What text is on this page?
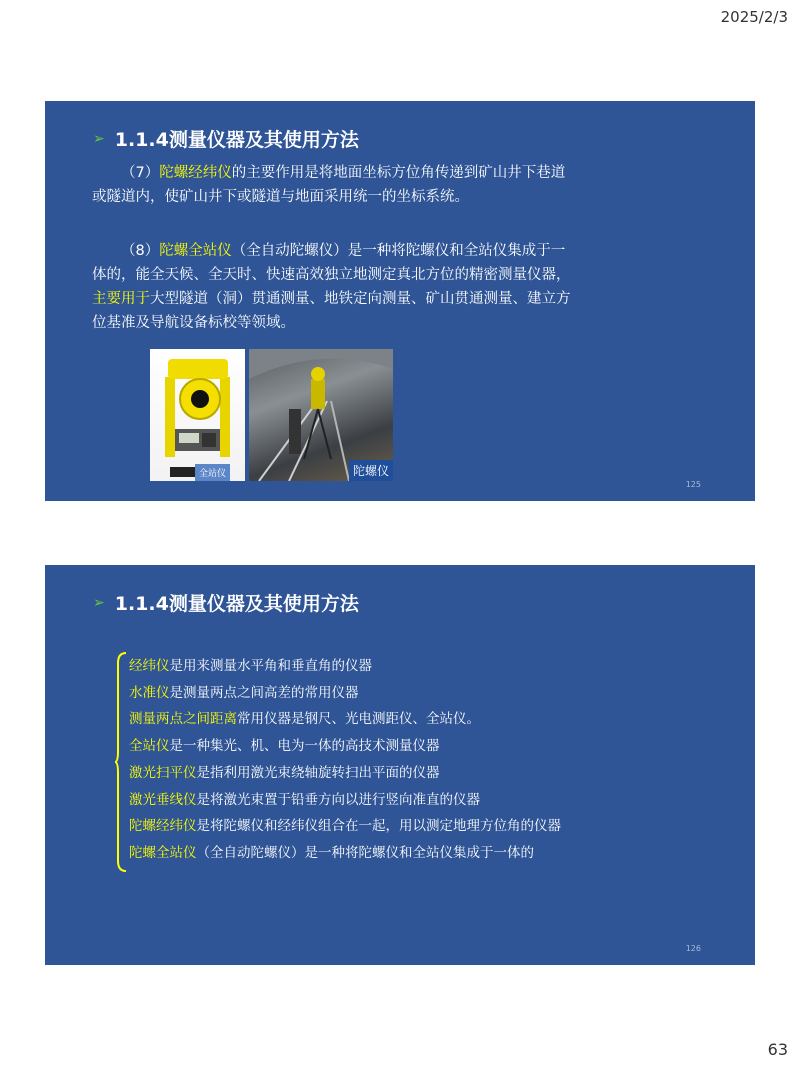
2025/2/3
➢ 1.1.4测量仪器及其使用方法

（7）陀螺经纬仪的主要作用是将地面坐标方位角传递到矿山井下巷道或隧道内，使矿山井下或隧道与地面采用统一的坐标系统。

（8）陀螺全站仪（全自动陀螺仪）是一种将陀螺仪和全站仪集成于一体的，能全天候、全天时、快速高效独立地测定真北方位的精密测量仪器，主要用于大型隧道（洞）贯通测量、地铁定向测量、矿山贯通测量、建立方位基准及导航设备标校等领域。

全站仪	陀螺仪
125
➢ 1.1.4测量仪器及其使用方法
经纬仪是用来测量水平角和垂直角的仪器
水准仪是测量两点之间高差的常用仪器
测量两点之间距离常用仪器是钢尺、光电测距仪、全站仪。
全站仪是一种集光、机、电为一体的高技术测量仪器
激光扫平仪是指利用激光束绕轴旋转扫出平面的仪器
激光垂线仪是将激光束置于铅垂方向以进行竖向准直的仪器
陀螺经纬仪是将陀螺仪和经纬仪组合在一起，用以测定地理方位角的仪器
陀螺全站仪（全自动陀螺仪）是一种将陀螺仪和全站仪集成于一体的
126
63
